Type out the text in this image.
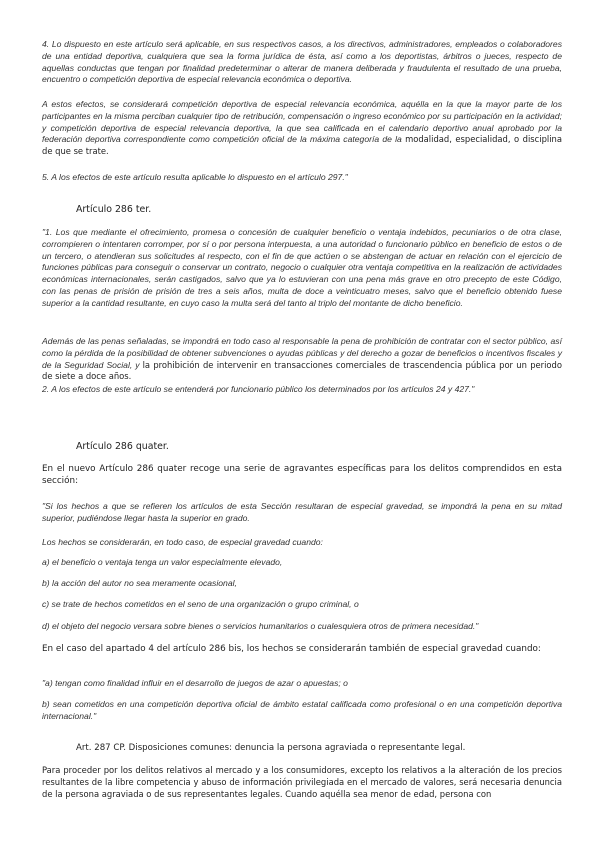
4. Lo dispuesto en este artículo será aplicable, en sus respectivos casos, a los directivos, administradores, empleados o colaboradores de una entidad deportiva, cualquiera que sea la forma jurídica de ésta, así como a los deportistas, árbitros o jueces, respecto de aquellas conductas que tengan por finalidad predeterminar o alterar de manera deliberada y fraudulenta el resultado de una prueba, encuentro o competición deportiva de especial relevancia económica o deportiva.

A estos efectos, se considerará competición deportiva de especial relevancia económica, aquélla en la que la mayor parte de los participantes en la misma perciban cualquier tipo de retribución, compensación o ingreso económico por su participación en la actividad; y competición deportiva de especial relevancia deportiva, la que sea calificada en el calendario deportivo anual aprobado por la federación deportiva correspondiente como competición oficial de la máxima categoría de la modalidad, especialidad, o disciplina de que se trate.

5. A los efectos de este artículo resulta aplicable lo dispuesto en el artículo 297."

Artículo 286 ter.

"1. Los que mediante el ofrecimiento, promesa o concesión de cualquier beneficio o ventaja indebidos, pecuniarios o de otra clase, corrompieren o intentaren corromper, por sí o por persona interpuesta, a una autoridad o funcionario público en beneficio de estos o de un tercero, o atendieran sus solicitudes al respecto, con el fin de que actúen o se abstengan de actuar en relación con el ejercicio de funciones públicas para conseguir o conservar un contrato, negocio o cualquier otra ventaja competitiva en la realización de actividades económicas internacionales, serán castigados, salvo que ya lo estuvieran con una pena más grave en otro precepto de este Código, con las penas de prisión de prisión de tres a seis años, multa de doce a veinticuatro meses, salvo que el beneficio obtenido fuese superior a la cantidad resultante, en cuyo caso la multa será del tanto al triplo del montante de dicho beneficio.

Además de las penas señaladas, se impondrá en todo caso al responsable la pena de prohibición de contratar con el sector público, así como la pérdida de la posibilidad de obtener subvenciones o ayudas públicas y del derecho a gozar de beneficios o incentivos fiscales y de la Seguridad Social, y la prohibición de intervenir en transacciones comerciales de trascendencia pública por un periodo de siete a doce años.

2. A los efectos de este artículo se entenderá por funcionario público los determinados por los artículos 24 y 427."

Artículo 286 quater.

En el nuevo Artículo 286 quater recoge una serie de agravantes específicas para los delitos comprendidos en esta sección:

"Si los hechos a que se refieren los artículos de esta Sección resultaran de especial gravedad, se impondrá la pena en su mitad superior, pudiéndose llegar hasta la superior en grado.

Los hechos se considerarán, en todo caso, de especial gravedad cuando:

a) el beneficio o ventaja tenga un valor especialmente elevado,

b) la acción del autor no sea meramente ocasional,

c) se trate de hechos cometidos en el seno de una organización o grupo criminal, o

d) el objeto del negocio versara sobre bienes o servicios humanitarios o cualesquiera otros de primera necesidad."

En el caso del apartado 4 del artículo 286 bis, los hechos se considerarán también de especial gravedad cuando:

"a) tengan como finalidad influir en el desarrollo de juegos de azar o apuestas; o

b) sean cometidos en una competición deportiva oficial de ámbito estatal calificada como profesional o en una competición deportiva internacional."

Art. 287 CP. Disposiciones comunes: denuncia la persona agraviada o representante legal.

Para proceder por los delitos relativos al mercado y a los consumidores, excepto los relativos a la alteración de los precios resultantes de la libre competencia y abuso de información privilegiada en el mercado de valores, será necesaria denuncia de la persona agraviada o de sus representantes legales. Cuando aquélla sea menor de edad, persona con
